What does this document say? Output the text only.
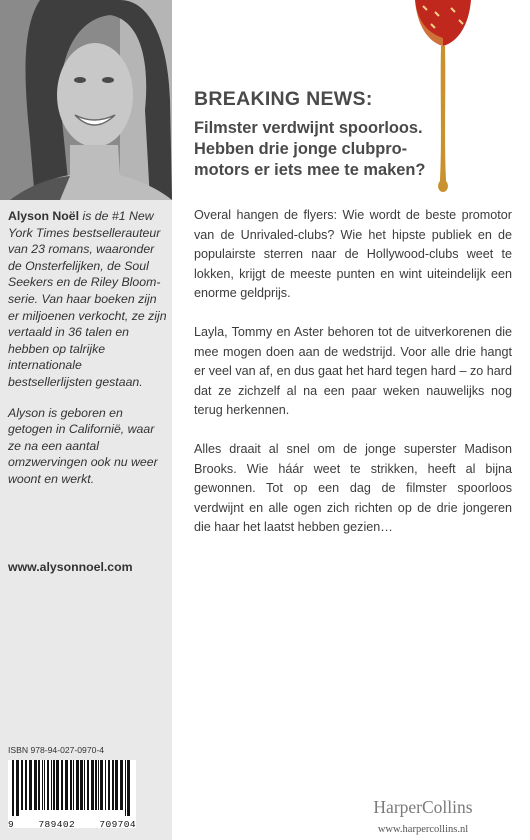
Alyson Noël is de #1 New York Times bestsellerauteur van 23 romans, waaronder de Onsterfelijken, de Soul Seekers en de Riley Bloom-serie. Van haar boeken zijn er miljoenen verkocht, ze zijn vertaald in 36 talen en hebben op talrijke internationale bestsellerlijsten gestaan.

Alyson is geboren en getogen in Californië, waar ze na een aantal omzwervingen ook nu weer woont en werkt.

www.alysonnoel.com
BREAKING NEWS:
Filmster verdwijnt spoorloos.
Hebben drie jonge clubpro-
motors er iets mee te maken?

Overal hangen de flyers: Wie wordt de beste promotor van de Unrivaled-clubs? Wie het hipste publiek en de populairste sterren naar de Hollywood-clubs weet te lokken, krijgt de meeste punten en wint uiteindelijk een enorme geldprijs.

Layla, Tommy en Aster behoren tot de uitverkorenen die mee mogen doen aan de wedstrijd. Voor alle drie hangt er veel van af, en dus gaat het hard tegen hard – zo hard dat ze zichzelf al na een paar weken nauwelijks nog terug herkennen.

Alles draait al snel om de jonge superster Madison Brooks. Wie háár weet te strikken, heeft al bijna gewonnen. Tot op een dag de filmster spoorloos verdwijnt en alle ogen zich richten op de drie jongeren die haar het laatst hebben gezien…

ISBN 978-94-027-0970-4
9	789402	709704
HarperCollins
www.harpercollins.nl
